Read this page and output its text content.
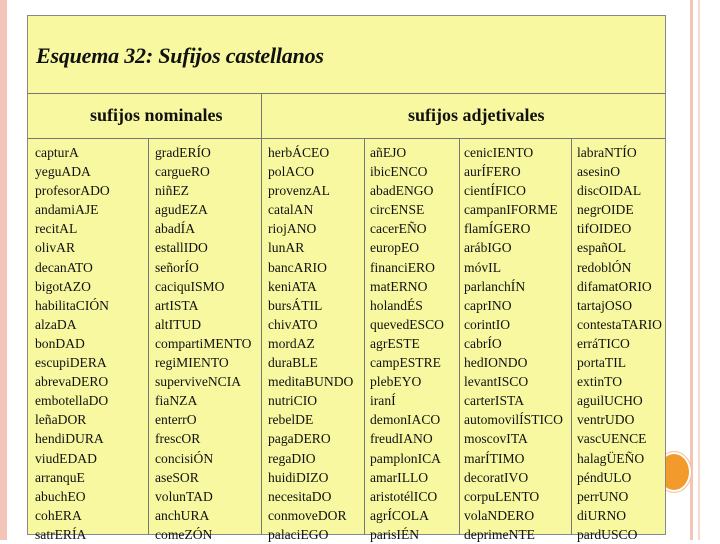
Esquema 32: Sufijos castellanos
sufijos nominales	sufijos adjetivales
capturA
yeguADA
profesorADO
andamiAJE
recitAL
olivAR
decanATO
bigotAZO
habilitaCIÓN
alzaDA
bonDAD
escupiDERA
abrevaDERO
embotellaDO
leñaDOR
hendiDURA
viudEDAD
arranquE
abuchEO
cohERA
satrERÍA
gradERÍO
cargueRO
niñEZ
agudEZA
abadÍA
estallIDO
señorÍO
caciquISMO
artISTA
altITUD
compartiMENTO
regiMIENTO
superviveNCIA
fiaNZA
enterrO
frescOR
concisiÓN
aseSOR
volunTAD
anchURA
comeZÓN
herbÁCEO
polACO
provenzAL
catalAN
riojANO
lunAR
bancARIO
keniATA
bursÁTIL
chivATO
mordAZ
duraBLE
meditaBUNDO
nutriCIO
rebelDE
pagaDERO
regaDIO
huidiDIZO
necesitaDO
conmoveDOR
palaciEGO
añEJO
ibicENCO
abadENGO
circENSE
cacerEÑO
europEO
financiERO
matERNO
holandÉS
quevedESCO
agrESTE
campESTRE
plebEYO
iranÍ
demonIACO
freudIANO
pamplonICA
amarILLO
aristotélICO
agrÍCOLA
parisIÉN
cenicIENTO
aurÍFERO
cientÍFICO
campanIFORME
flamÍGERO
arábIGO
móvIL
parlanchÍN
caprINO
corintIO
cabrÍO
hedIONDO
levantISCO
carterISTA
automovilÍSTICO
moscovITA
marÍTIMO
decoratIVO
corpuLENTO
volaNDERO
deprimeNTE
labraNTÍO
asesinO
discOIDAL
negrOIDE
tifOIDEO
españOL
redoblÓN
difamatORIO
tartajOSO
contestaTARIO
erráTICO
portaTIL
extinTO
aguilUCHO
ventrUDO
vascUENCE
halagÜEÑO
péndULO
perrUNO
diURNO
pardUSCO
